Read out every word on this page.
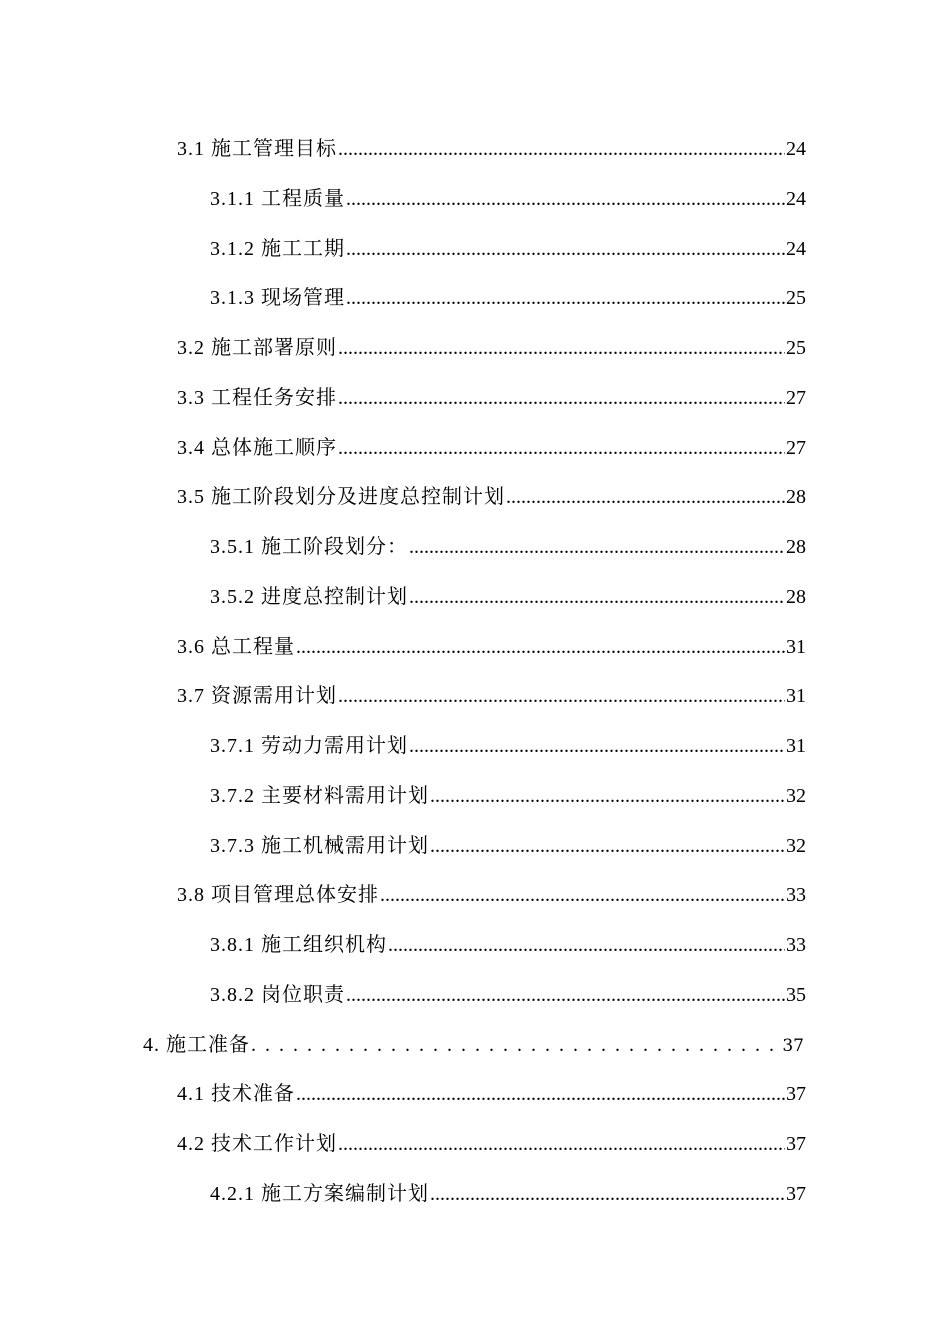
3.1 施工管理目标 .....	24
3.1.1 工程质量 .....	24
3.1.2 施工工期 .....	24
3.1.3 现场管理 .....	25
3.2 施工部署原则 .....	25
3.3 工程任务安排 .....	27
3.4 总体施工顺序 .....	27
3.5 施工阶段划分及进度总控制计划 .....	28
3.5.1 施工阶段划分： .....	28
3.5.2 进度总控制计划 .....	28
3.6 总工程量 .....	31
3.7 资源需用计划 .....	31
3.7.1 劳动力需用计划 .....	31
3.7.2 主要材料需用计划 .....	32
3.7.3 施工机械需用计划 .....	32
3.8 项目管理总体安排 .....	33
3.8.1 施工组织机构 .....	33
3.8.2 岗位职责 .....	35
4. 施工准备 . . .	37
4.1 技术准备 .....	37
4.2 技术工作计划 .....	37
4.2.1 施工方案编制计划 .....	37
